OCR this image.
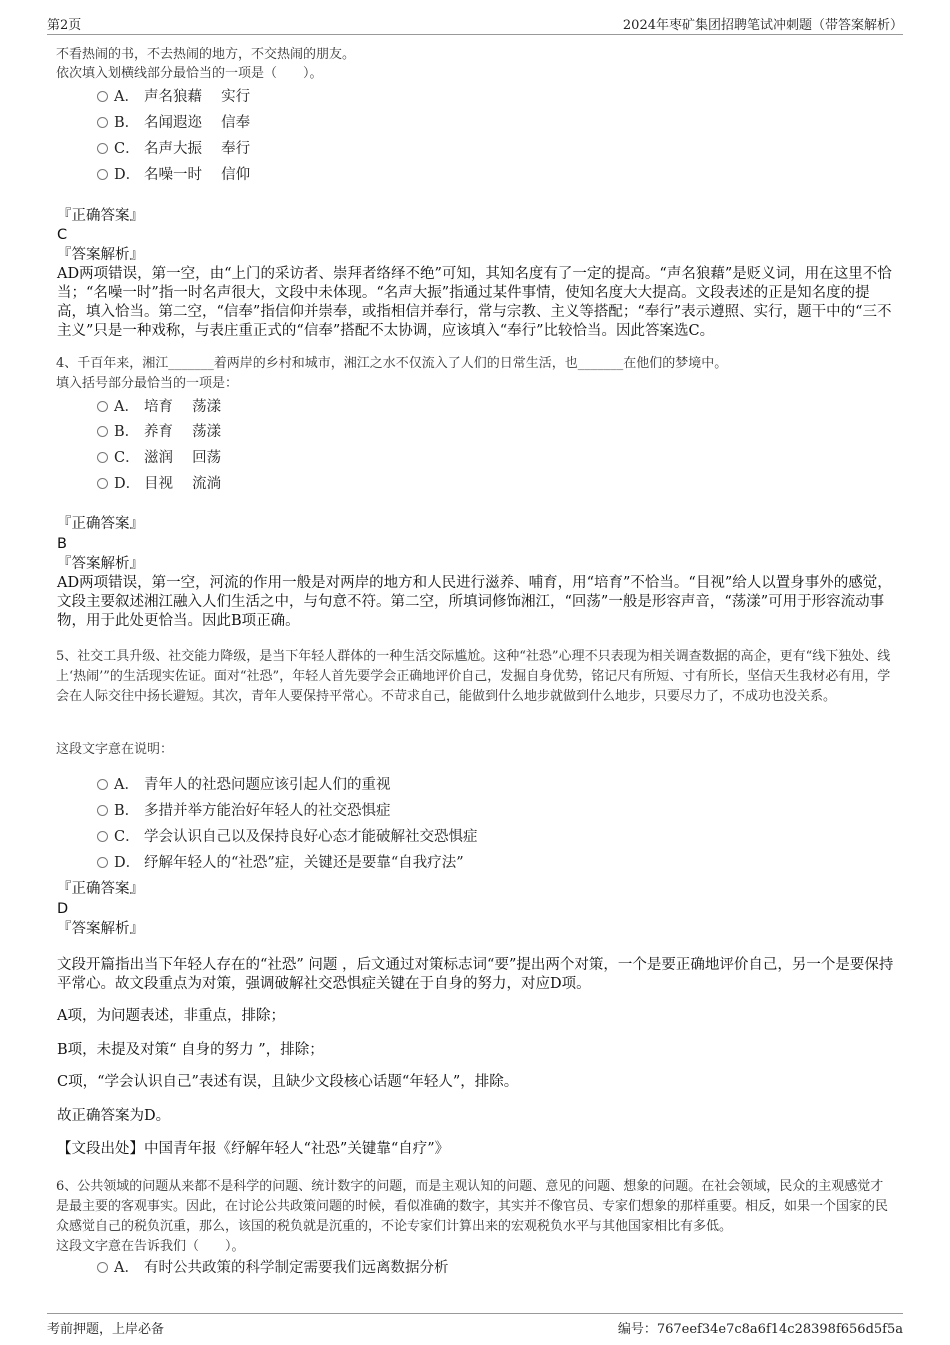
第2页	2024年枣矿集团招聘笔试冲刺题（带答案解析）
不看热闹的书，不去热闹的地方，不交热闹的朋友。
依次填入划横线部分最恰当的一项是（　　）。
A． 声名狼藉　 实行
B． 名闻遐迩　 信奉
C． 名声大振　 奉行
D． 名噪一时　 信仰
『正确答案』
C
『答案解析』
AD两项错误，第一空，由“上门的采访者、崇拜者络绎不绝”可知，其知名度有了一定的提高。“声名狼藉”是贬义词，用在这里不恰当；“名噪一时”指一时名声很大，文段中未体现。“名声大振”指通过某件事情，使知名度大大提高。文段表述的正是知名度的提高，填入恰当。第二空，“信奉”指信仰并崇奉，或指相信并奉行，常与宗教、主义等搭配；“奉行”表示遵照、实行，题干中的“三不主义”只是一种戏称，与表庄重正式的“信奉”搭配不太协调，应该填入“奉行”比较恰当。因此答案选C。
4、千百年来，湘江_______着两岸的乡村和城市，湘江之水不仅流入了人们的日常生活，也_______在他们的梦境中。
填入括号部分最恰当的一项是：
A． 培育　 荡漾
B． 养育　 荡漾
C． 滋润　 回荡
D． 目视　 流淌
『正确答案』
B
『答案解析』
AD两项错误，第一空，河流的作用一般是对两岸的地方和人民进行滋养、哺育，用“培育”不恰当。“目视”给人以置身事外的感觉，文段主要叙述湘江融入人们生活之中，与句意不符。第二空，所填词修饰湘江，“回荡”一般是形容声音，“荡漾”可用于形容流动事物，用于此处更恰当。因此B项正确。
5、社交工具升级、社交能力降级，是当下年轻人群体的一种生活交际尴尬。这种“社恐”心理不只表现为相关调查数据的高企，更有“线下独处、线上‘热闹’”的生活现实佐证。面对“社恐”，年轻人首先要学会正确地评价自己，发掘自身优势，铭记尺有所短、寸有所长，坚信天生我材必有用，学会在人际交往中扬长避短。其次，青年人要保持平常心。不苛求自己，能做到什么地步就做到什么地步，只要尽力了，不成功也没关系。
这段文字意在说明：
A． 青年人的社恐问题应该引起人们的重视
B． 多措并举方能治好年轻人的社交恐惧症
C． 学会认识自己以及保持良好心态才能破解社交恐惧症
D． 纾解年轻人的“社恐”症，关键还是要靠“自我疗法”
『正确答案』
D
『答案解析』
文段开篇指出当下年轻人存在的“社恐” 问题 ，后文通过对策标志词“要”提出两个对策，一个是要正确地评价自己，另一个是要保持平常心。故文段重点为对策，强调破解社交恐惧症关键在于自身的努力，对应D项。
A项，为问题表述，非重点，排除；
B项，未提及对策“ 自身的努力 ”，排除；
C项，“学会认识自己”表述有误，且缺少文段核心话题“年轻人”，排除。
故正确答案为D。
【文段出处】中国青年报《纾解年轻人“社恐”关键靠“自疗”》
6、公共领域的问题从来都不是科学的问题、统计数字的问题，而是主观认知的问题、意见的问题、想象的问题。在社会领域，民众的主观感觉才是最主要的客观事实。因此，在讨论公共政策问题的时候，看似准确的数字，其实并不像官员、专家们想象的那样重要。相反，如果一个国家的民众感觉自己的税负沉重，那么，该国的税负就是沉重的，不论专家们计算出来的宏观税负水平与其他国家相比有多低。
这段文字意在告诉我们（　　）。
A． 有时公共政策的科学制定需要我们远离数据分析
考前押题，上岸必备	编号：767eef34e7c8a6f14c28398f656d5f5a
